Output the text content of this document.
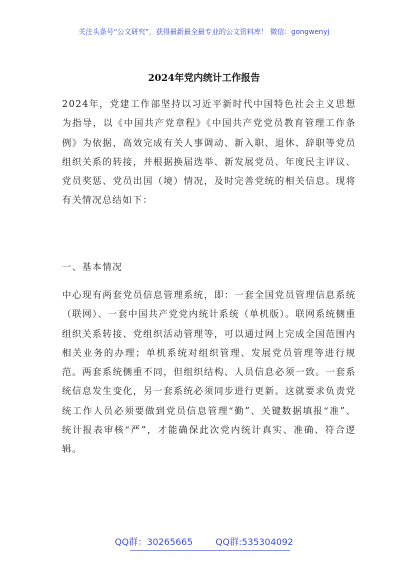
关注头条号“公文研究”，获得最新最全最专业的公文资料库！ 微信：gongwenyj
2024年党内统计工作报告
2024年，党建工作部坚持以习近平新时代中国特色社会主义思想为指导，以《中国共产党章程》《中国共产党党员教育管理工作条例》为依据，高效完成有关人事调动、新入职、退休、辞职等党员组织关系的转接，并根据换届选举、新发展党员、年度民主评议、党员奖惩、党员出国（境）情况，及时完善党统的相关信息。现将有关情况总结如下：
一、基本情况
中心现有两套党员信息管理系统，即：一套全国党员管理信息系统（联网）、一套中国共产党党内统计系统（单机版）。联网系统侧重组织关系转接、党组织活动管理等，可以通过网上完成全国范围内相关业务的办理；单机系统对组织管理、发展党员管理等进行规范。两套系统侧重不同，但组织结构、人员信息必须一致。一套系统信息发生变化，另一套系统必须同步进行更新。这就要求负责党统工作人员必须要做到党员信息管理“勤”、关键数据填报“准”、统计报表审核“严”，才能确保此次党内统计真实、准确、符合逻辑。
QQ群：30265665	QQ群:535304092
